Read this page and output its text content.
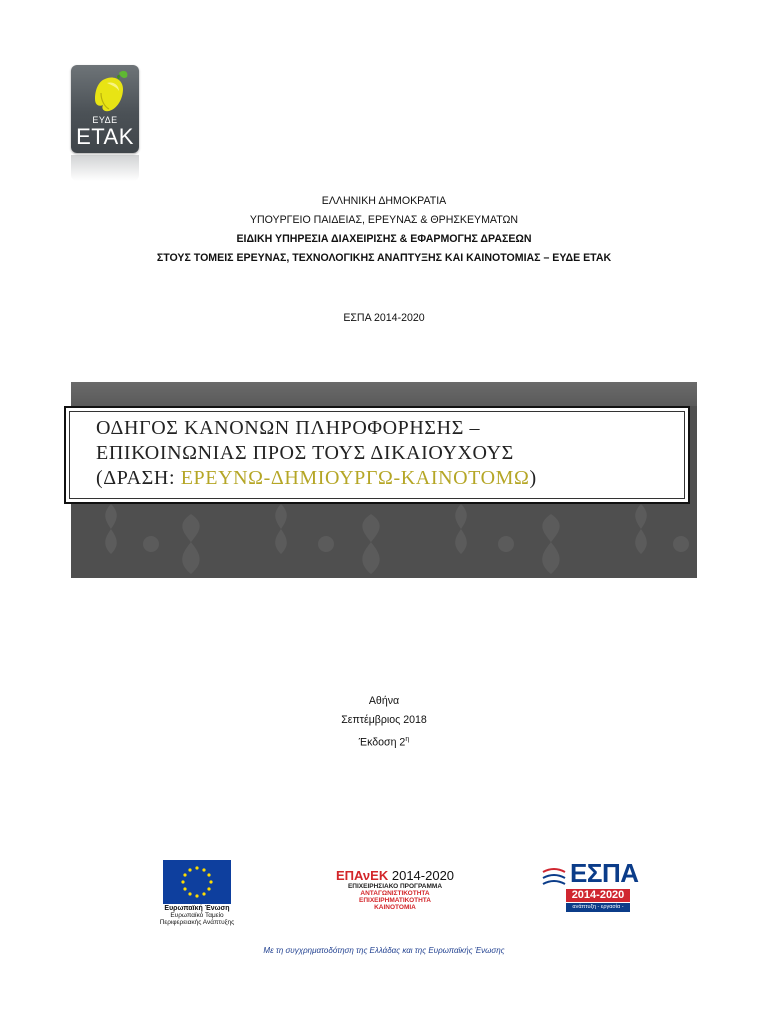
ΕΥΔΕ
ΕΤΑΚ
ΕΛΛΗΝΙΚΗ ΔΗΜΟΚΡΑΤΙΑ
ΥΠΟΥΡΓΕΙΟ ΠΑΙΔΕΙΑΣ, ΕΡΕΥΝΑΣ & ΘΡΗΣΚΕΥΜΑΤΩΝ
ΕΙΔΙΚΗ ΥΠΗΡΕΣΙΑ ΔΙΑΧΕΙΡΙΣΗΣ & ΕΦΑΡΜΟΓΗΣ ΔΡΑΣΕΩΝ
ΣΤΟΥΣ ΤΟΜΕΙΣ ΕΡΕΥΝΑΣ, ΤΕΧΝΟΛΟΓΙΚΗΣ ΑΝΑΠΤΥΞΗΣ ΚΑΙ ΚΑΙΝΟΤΟΜΙΑΣ – ΕΥΔΕ ΕΤΑΚ
ΕΣΠΑ 2014-2020
ΟΔΗΓΟΣ ΚΑΝΟΝΩΝ ΠΛΗΡΟΦΟΡΗΣΗΣ –
ΕΠΙΚΟΙΝΩΝΙΑΣ ΠΡΟΣ ΤΟΥΣ ΔΙΚΑΙΟΥΧΟΥΣ
(ΔΡΑΣΗ: ΕΡΕΥΝΩ-ΔΗΜΙΟΥΡΓΩ-ΚΑΙΝΟΤΟΜΩ)
Αθήνα
Σεπτέμβριος 2018
Έκδοση $2^\eta$
Ευρωπαϊκή Ένωση
Ευρωπαϊκό Ταμείο
Περιφερειακής Ανάπτυξης
ΕΠΑνΕΚ 2014-2020
ΕΠΙΧΕΙΡΗΣΙΑΚΟ ΠΡΟΓΡΑΜΜΑ
ΑΝΤΑΓΩΝΙΣΤΙΚΟΤΗΤΑ
ΕΠΙΧΕΙΡΗΜΑΤΙΚΟΤΗΤΑ
ΚΑΙΝΟΤΟΜΙΑ
ΕΣΠΑ
2014-2020
ανάπτυξη - εργασία - αλληλεγγύη
Με τη συγχρηματοδότηση της Ελλάδας και της Ευρωπαϊκής Ένωσης
